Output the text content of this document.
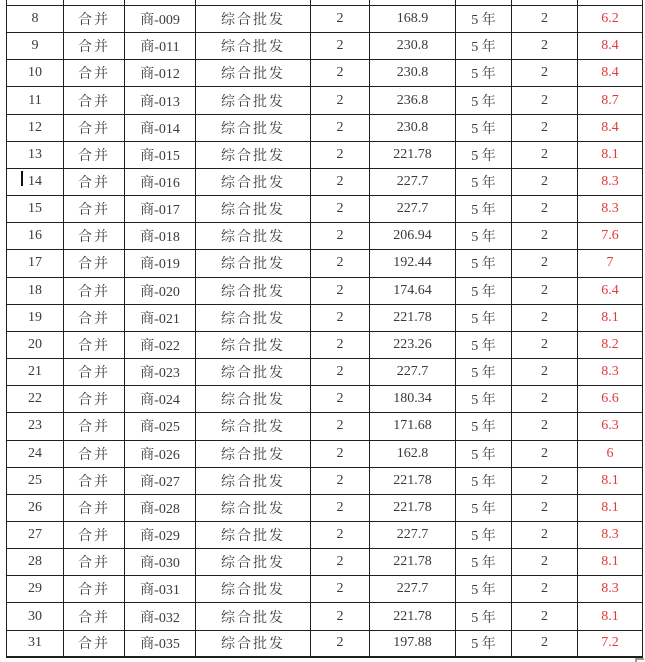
8	合并	商-009	综合批发	2	168.9	5 年	2	6.2
9	合并	商-011	综合批发	2	230.8	5 年	2	8.4
10	合并	商-012	综合批发	2	230.8	5 年	2	8.4
11	合并	商-013	综合批发	2	236.8	5 年	2	8.7
12	合并	商-014	综合批发	2	230.8	5 年	2	8.4
13	合并	商-015	综合批发	2	221.78	5 年	2	8.1
14	合并	商-016	综合批发	2	227.7	5 年	2	8.3
15	合并	商-017	综合批发	2	227.7	5 年	2	8.3
16	合并	商-018	综合批发	2	206.94	5 年	2	7.6
17	合并	商-019	综合批发	2	192.44	5 年	2	7
18	合并	商-020	综合批发	2	174.64	5 年	2	6.4
19	合并	商-021	综合批发	2	221.78	5 年	2	8.1
20	合并	商-022	综合批发	2	223.26	5 年	2	8.2
21	合并	商-023	综合批发	2	227.7	5 年	2	8.3
22	合并	商-024	综合批发	2	180.34	5 年	2	6.6
23	合并	商-025	综合批发	2	171.68	5 年	2	6.3
24	合并	商-026	综合批发	2	162.8	5 年	2	6
25	合并	商-027	综合批发	2	221.78	5 年	2	8.1
26	合并	商-028	综合批发	2	221.78	5 年	2	8.1
27	合并	商-029	综合批发	2	227.7	5 年	2	8.3
28	合并	商-030	综合批发	2	221.78	5 年	2	8.1
29	合并	商-031	综合批发	2	227.7	5 年	2	8.3
30	合并	商-032	综合批发	2	221.78	5 年	2	8.1
31	合并	商-035	综合批发	2	197.88	5 年	2	7.2
